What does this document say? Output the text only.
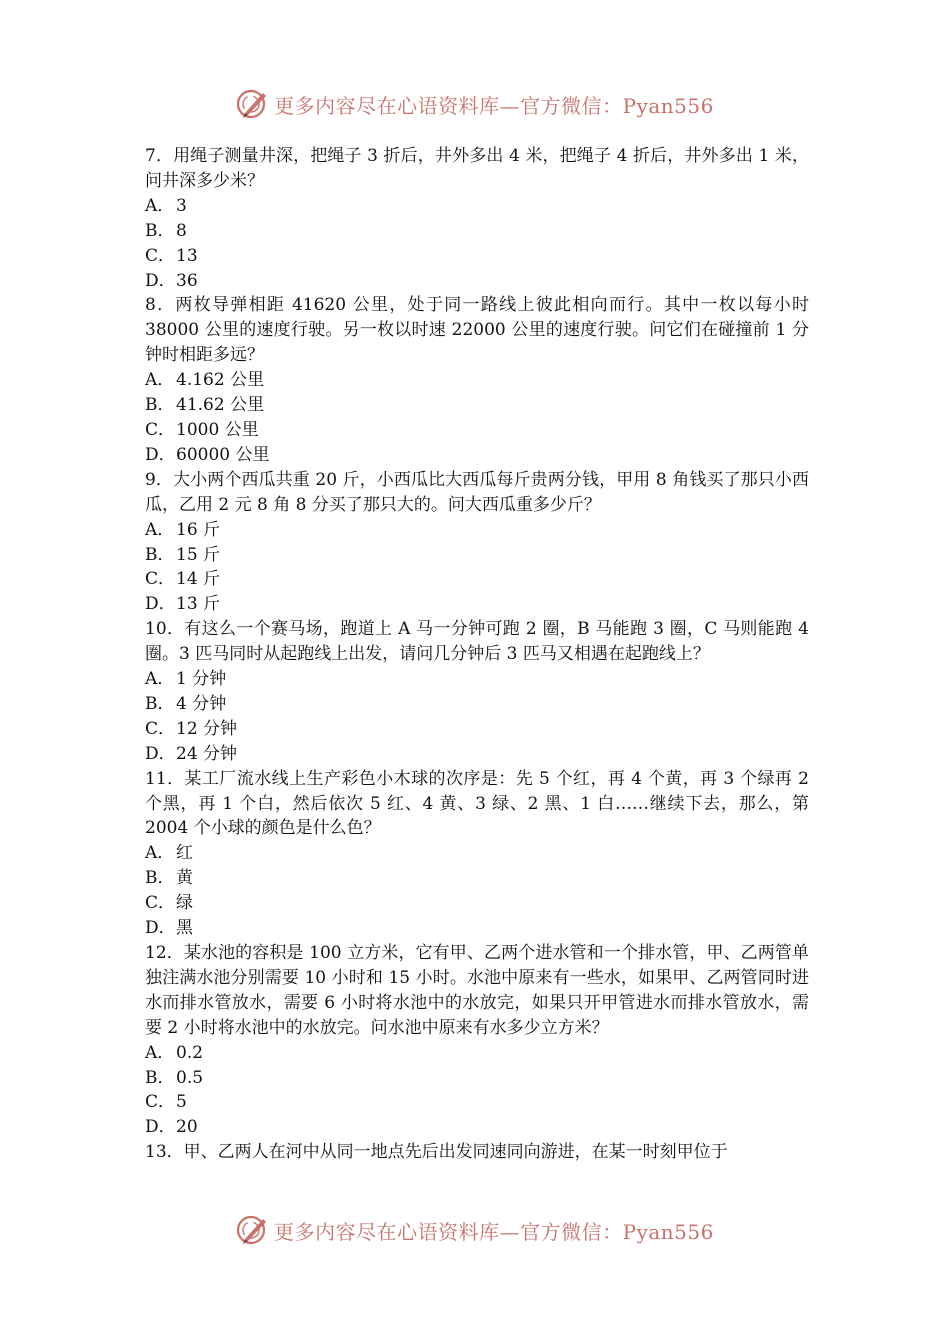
更多内容尽在心语资料库—官方微信：Pyan556

7．用绳子测量井深，把绳子 3 折后，井外多出 4 米，把绳子 4 折后，井外多出 1 米，问井深多少米？

A． 3
B． 8
C． 13
D． 36

8．两枚导弹相距 41620 公里，处于同一路线上彼此相向而行。其中一枚以每小时 38000 公里的速度行驶。另一枚以时速 22000 公里的速度行驶。问它们在碰撞前 1 分钟时相距多远？

A． 4.162 公里
B． 41.62 公里
C． 1000 公里
D． 60000 公里

9．大小两个西瓜共重 20 斤，小西瓜比大西瓜每斤贵两分钱，甲用 8 角钱买了那只小西瓜，乙用 2 元 8 角 8 分买了那只大的。问大西瓜重多少斤？

A． 16 斤
B． 15 斤
C． 14 斤
D． 13 斤

10．有这么一个赛马场，跑道上 A 马一分钟可跑 2 圈，B 马能跑 3 圈，C 马则能跑 4 圈。3 匹马同时从起跑线上出发，请问几分钟后 3 匹马又相遇在起跑线上？

A． 1 分钟
B． 4 分钟
C． 12 分钟
D． 24 分钟

11．某工厂流水线上生产彩色小木球的次序是：先 5 个红，再 4 个黄，再 3 个绿再 2 个黑，再 1 个白，然后依次 5 红、4 黄、3 绿、2 黑、1 白……继续下去，那么，第 2004 个小球的颜色是什么色？

A． 红
B． 黄
C． 绿
D． 黑

12．某水池的容积是 100 立方米，它有甲、乙两个进水管和一个排水管，甲、乙两管单独注满水池分别需要 10 小时和 15 小时。水池中原来有一些水，如果甲、乙两管同时进水而排水管放水，需要 6 小时将水池中的水放完，如果只开甲管进水而排水管放水，需要 2 小时将水池中的水放完。问水池中原来有水多少立方米？

A． 0.2
B． 0.5
C． 5
D． 20

13．甲、乙两人在河中从同一地点先后出发同速同向游进，在某一时刻甲位于

更多内容尽在心语资料库—官方微信：Pyan556
